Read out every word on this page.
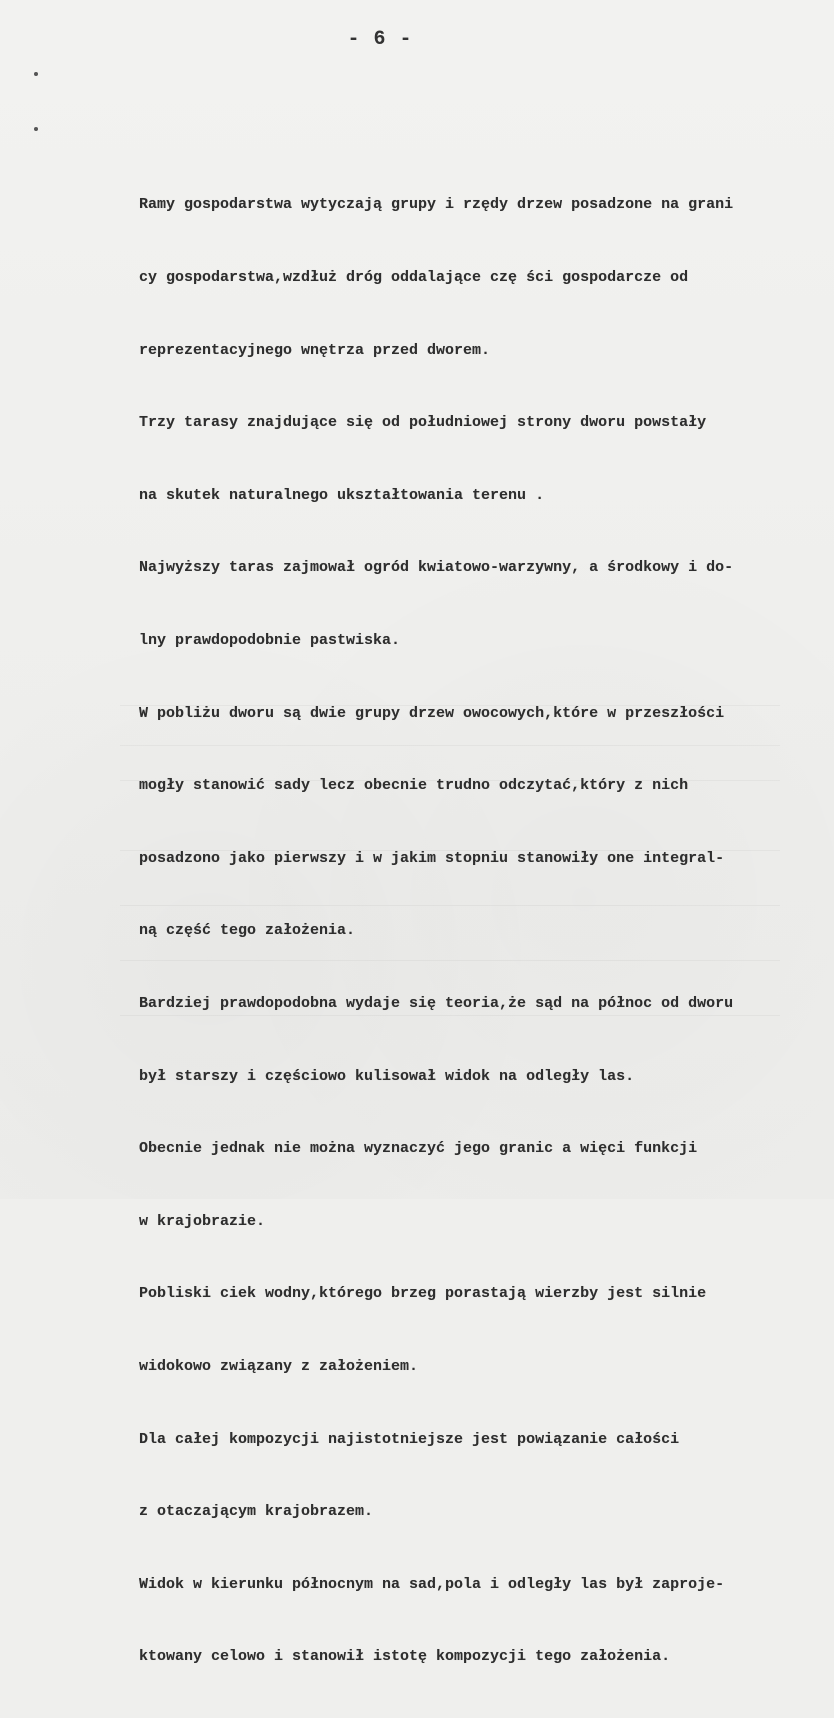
- 6 -

Ramy gospodarstwa wytyczają grupy i rzędy drzew posadzone na grani

cy gospodarstwa,wzdłuż dróg oddalające czę ści gospodarcze od

reprezentacyjnego wnętrza przed dworem.

Trzy tarasy znajdujące się od południowej strony dworu powstały

na skutek naturalnego ukształtowania terenu .

Najwyższy taras zajmował ogród kwiatowo-warzywny, a środkowy i do-

lny prawdopodobnie pastwiska.

W pobliżu dworu są dwie grupy drzew owocowych,które w przeszłości

mogły stanowić sady lecz obecnie trudno odczytać,który z nich

posadzono jako pierwszy i w jakim stopniu stanowiły one integral-

ną część tego założenia.

Bardziej prawdopodobna wydaje się teoria,że sąd na północ od dworu

był starszy i częściowo kulisował widok na odległy las.

Obecnie jednak nie można wyznaczyć jego granic a więci funkcji

w krajobrazie.

Pobliski ciek wodny,którego brzeg porastają wierzby jest silnie

widokowo związany z założeniem.

Dla całej kompozycji najistotniejsze jest powiązanie całości

z otaczającym krajobrazem.

Widok w kierunku północnym na sad,pola i odległy las był zaproje-

ktowany celowo i stanowił istotę kompozycji tego założenia.
